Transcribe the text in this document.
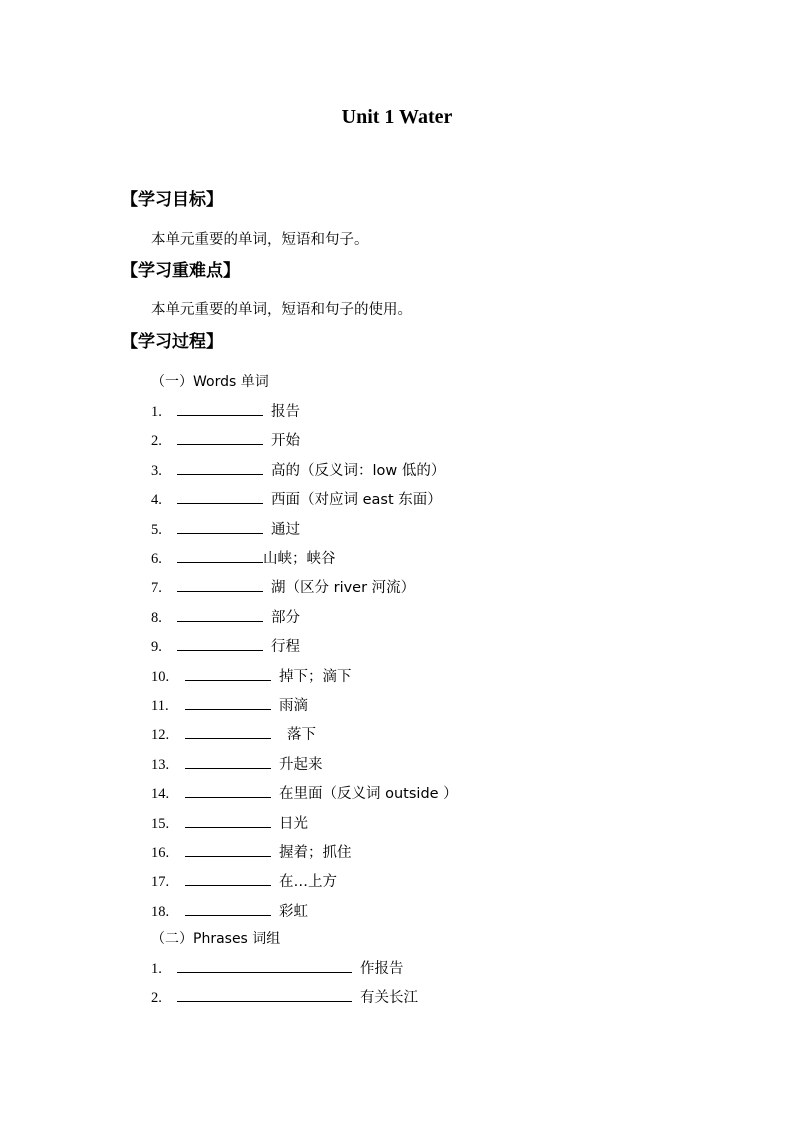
Unit 1 Water
【学习目标】
本单元重要的单词，短语和句子。
【学习重难点】
本单元重要的单词，短语和句子的使用。
【学习过程】
（一）Words 单词
1.	报告
2.	开始
3.	高的（反义词：low 低的）
4.	西面（对应词 east 东面）
5.	通过
6.	山峡；峡谷
7.	湖（区分 river 河流）
8.	部分
9.	行程
10.	掉下；滴下
11.	雨滴
12.	落下
13.	升起来
14.	在里面（反义词 outside ）
15.	日光
16.	握着；抓住
17.	在…上方
18.	彩虹
（二）Phrases 词组
1.	作报告
2.	有关长江
